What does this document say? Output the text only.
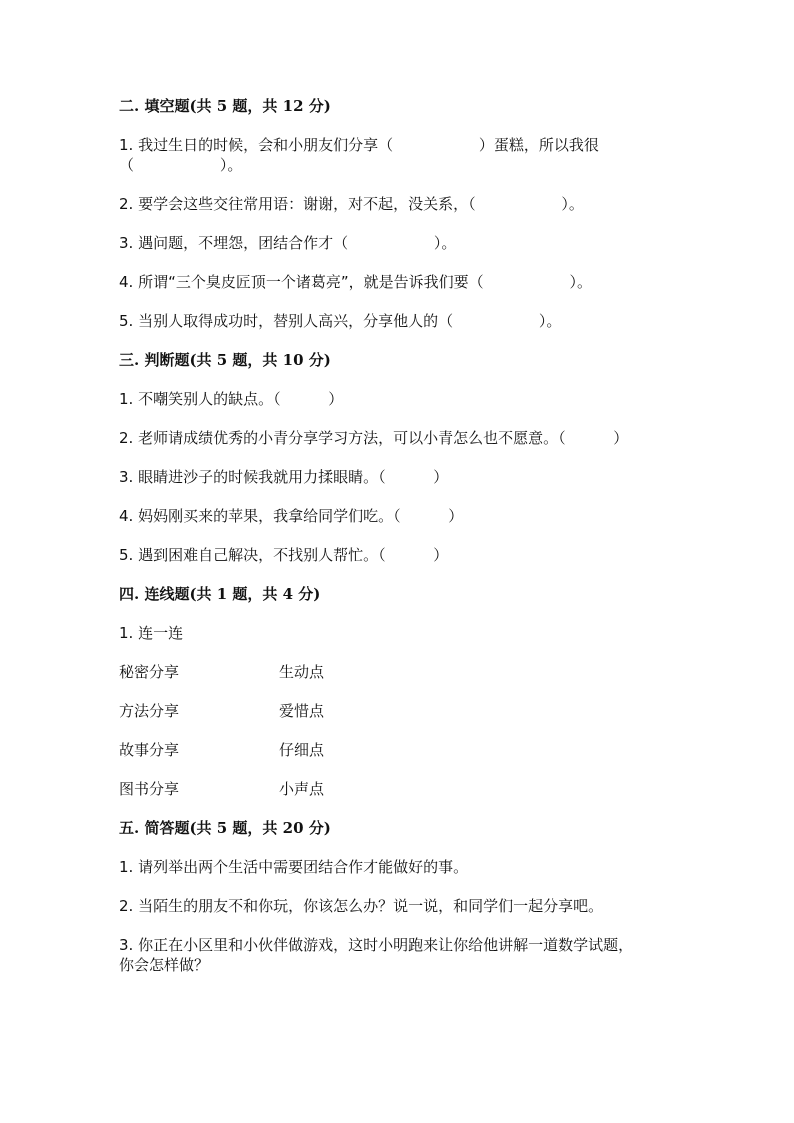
二. 填空题(共 5 题，共 12 分)

1. 我过生日的时候，会和小朋友们分享（                  ）蛋糕，所以我很

（                  ）。

2. 要学会这些交往常用语：谢谢，对不起，没关系，（                  ）。

3. 遇问题，不埋怨，团结合作才（                  ）。

4. 所谓“三个臭皮匠顶一个诸葛亮”，就是告诉我们要（                  ）。

5. 当别人取得成功时，替别人高兴，分享他人的（                  ）。

三. 判断题(共 5 题，共 10 分)

1. 不嘲笑别人的缺点。（          ）

2. 老师请成绩优秀的小青分享学习方法，可以小青怎么也不愿意。（          ）

3. 眼睛进沙子的时候我就用力揉眼睛。（          ）

4. 妈妈刚买来的苹果，我拿给同学们吃。（          ）

5. 遇到困难自己解决，不找别人帮忙。（          ）

四. 连线题(共 1 题，共 4 分)

1. 连一连

秘密分享	生动点
方法分享	爱惜点
故事分享	仔细点
图书分享	小声点

五. 简答题(共 5 题，共 20 分)

1. 请列举出两个生活中需要团结合作才能做好的事。

2. 当陌生的朋友不和你玩，你该怎么办？说一说，和同学们一起分享吧。

3. 你正在小区里和小伙伴做游戏，这时小明跑来让你给他讲解一道数学试题，

你会怎样做？
